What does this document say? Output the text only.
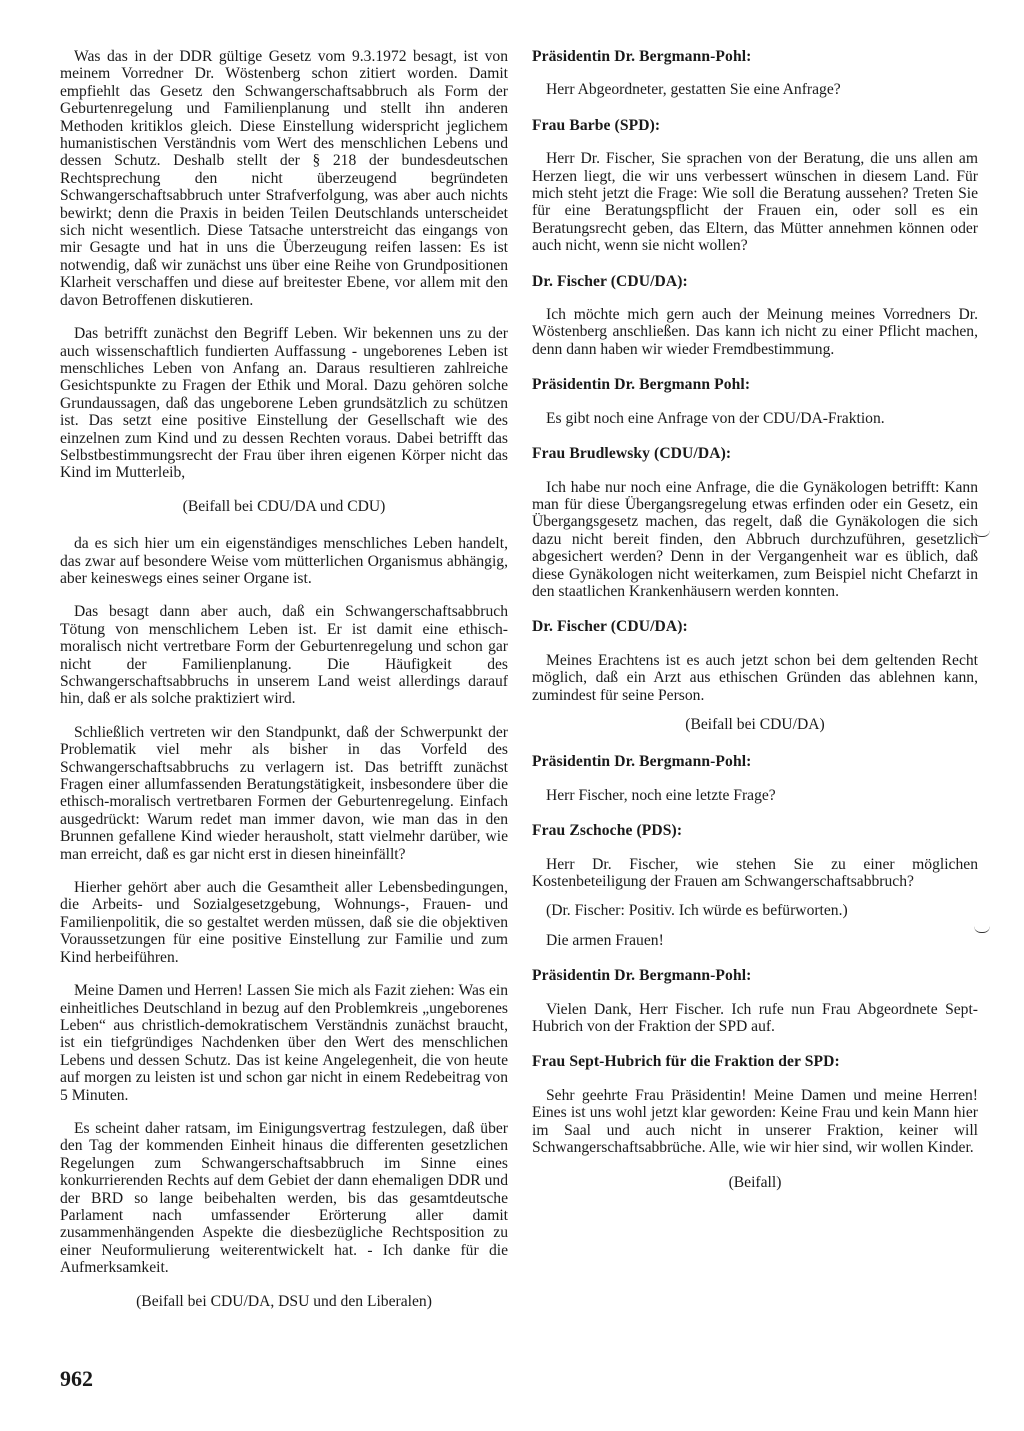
Was das in der DDR gültige Gesetz vom 9.3.1972 besagt, ist von meinem Vorredner Dr. Wöstenberg schon zitiert worden. Damit empfiehlt das Gesetz den Schwangerschaftsabbruch als Form der Geburtenregelung und Familienplanung und stellt ihn anderen Methoden kritiklos gleich. Diese Einstellung widerspricht jeglichem humanistischen Verständnis vom Wert des menschlichen Lebens und dessen Schutz. Deshalb stellt der § 218 der bundesdeutschen Rechtsprechung den nicht überzeugend begründeten Schwangerschaftsabbruch unter Strafverfolgung, was aber auch nichts bewirkt; denn die Praxis in beiden Teilen Deutschlands unterscheidet sich nicht wesentlich. Diese Tatsache unterstreicht das eingangs von mir Gesagte und hat in uns die Überzeugung reifen lassen: Es ist notwendig, daß wir zunächst uns über eine Reihe von Grundpositionen Klarheit verschaffen und diese auf breitester Ebene, vor allem mit den davon Betroffenen diskutieren.

Das betrifft zunächst den Begriff Leben. Wir bekennen uns zu der auch wissenschaftlich fundierten Auffassung - ungeborenes Leben ist menschliches Leben von Anfang an. Daraus resultieren zahlreiche Gesichtspunkte zu Fragen der Ethik und Moral. Dazu gehören solche Grundaussagen, daß das ungeborene Leben grundsätzlich zu schützen ist. Das setzt eine positive Einstellung der Gesellschaft wie des einzelnen zum Kind und zu dessen Rechten voraus. Dabei betrifft das Selbstbestimmungsrecht der Frau über ihren eigenen Körper nicht das Kind im Mutterleib,

(Beifall bei CDU/DA und CDU)

da es sich hier um ein eigenständiges menschliches Leben handelt, das zwar auf besondere Weise vom mütterlichen Organismus abhängig, aber keineswegs eines seiner Organe ist.

Das besagt dann aber auch, daß ein Schwangerschaftsabbruch Tötung von menschlichem Leben ist. Er ist damit eine ethisch-moralisch nicht vertretbare Form der Geburtenregelung und schon gar nicht der Familienplanung. Die Häufigkeit des Schwangerschaftsabbruchs in unserem Land weist allerdings darauf hin, daß er als solche praktiziert wird.

Schließlich vertreten wir den Standpunkt, daß der Schwerpunkt der Problematik viel mehr als bisher in das Vorfeld des Schwangerschaftsabbruchs zu verlagern ist. Das betrifft zunächst Fragen einer allumfassenden Beratungstätigkeit, insbesondere über die ethisch-moralisch vertretbaren Formen der Geburtenregelung. Einfach ausgedrückt: Warum redet man immer davon, wie man das in den Brunnen gefallene Kind wieder herausholt, statt vielmehr darüber, wie man erreicht, daß es gar nicht erst in diesen hineinfällt?

Hierher gehört aber auch die Gesamtheit aller Lebensbedingungen, die Arbeits- und Sozialgesetzgebung, Wohnungs-, Frauen- und Familienpolitik, die so gestaltet werden müssen, daß sie die objektiven Voraussetzungen für eine positive Einstellung zur Familie und zum Kind herbeiführen.

Meine Damen und Herren! Lassen Sie mich als Fazit ziehen: Was ein einheitliches Deutschland in bezug auf den Problemkreis „ungeborenes Leben“ aus christlich-demokratischem Verständnis zunächst braucht, ist ein tiefgründiges Nachdenken über den Wert des menschlichen Lebens und dessen Schutz. Das ist keine Angelegenheit, die von heute auf morgen zu leisten ist und schon gar nicht in einem Redebeitrag von 5 Minuten.

Es scheint daher ratsam, im Einigungsvertrag festzulegen, daß über den Tag der kommenden Einheit hinaus die differenten gesetzlichen Regelungen zum Schwangerschaftsabbruch im Sinne eines konkurrierenden Rechts auf dem Gebiet der dann ehemaligen DDR und der BRD so lange beibehalten werden, bis das gesamtdeutsche Parlament nach umfassender Erörterung aller damit zusammenhängenden Aspekte die diesbezügliche Rechtsposition zu einer Neuformulierung weiterentwickelt hat. - Ich danke für die Aufmerksamkeit.

(Beifall bei CDU/DA, DSU und den Liberalen)

Präsidentin Dr. Bergmann-Pohl:

Herr Abgeordneter, gestatten Sie eine Anfrage?

Frau Barbe (SPD):

Herr Dr. Fischer, Sie sprachen von der Beratung, die uns allen am Herzen liegt, die wir uns verbessert wünschen in diesem Land. Für mich steht jetzt die Frage: Wie soll die Beratung aussehen? Treten Sie für eine Beratungspflicht der Frauen ein, oder soll es ein Beratungsrecht geben, das Eltern, das Mütter annehmen können oder auch nicht, wenn sie nicht wollen?

Dr. Fischer (CDU/DA):

Ich möchte mich gern auch der Meinung meines Vorredners Dr. Wöstenberg anschließen. Das kann ich nicht zu einer Pflicht machen, denn dann haben wir wieder Fremdbestimmung.

Präsidentin Dr. Bergmann Pohl:

Es gibt noch eine Anfrage von der CDU/DA-Fraktion.

Frau Brudlewsky (CDU/DA):

Ich habe nur noch eine Anfrage, die die Gynäkologen betrifft: Kann man für diese Übergangsregelung etwas erfinden oder ein Gesetz, ein Übergangsgesetz machen, das regelt, daß die Gynäkologen die sich dazu nicht bereit finden, den Abbruch durchzuführen, gesetzlich abgesichert werden? Denn in der Vergangenheit war es üblich, daß diese Gynäkologen nicht weiterkamen, zum Beispiel nicht Chefarzt in den staatlichen Krankenhäusern werden konnten.

Dr. Fischer (CDU/DA):

Meines Erachtens ist es auch jetzt schon bei dem geltenden Recht möglich, daß ein Arzt aus ethischen Gründen das ablehnen kann, zumindest für seine Person.

(Beifall bei CDU/DA)

Präsidentin Dr. Bergmann-Pohl:

Herr Fischer, noch eine letzte Frage?

Frau Zschoche (PDS):

Herr Dr. Fischer, wie stehen Sie zu einer möglichen Kostenbeteiligung der Frauen am Schwangerschaftsabbruch?

(Dr. Fischer: Positiv. Ich würde es befürworten.)

Die armen Frauen!

Präsidentin Dr. Bergmann-Pohl:

Vielen Dank, Herr Fischer. Ich rufe nun Frau Abgeordnete Sept-Hubrich von der Fraktion der SPD auf.

Frau Sept-Hubrich für die Fraktion der SPD:

Sehr geehrte Frau Präsidentin! Meine Damen und meine Herren! Eines ist uns wohl jetzt klar geworden: Keine Frau und kein Mann hier im Saal und auch nicht in unserer Fraktion, keiner will Schwangerschaftsabbrüche. Alle, wie wir hier sind, wir wollen Kinder.

(Beifall)

962
